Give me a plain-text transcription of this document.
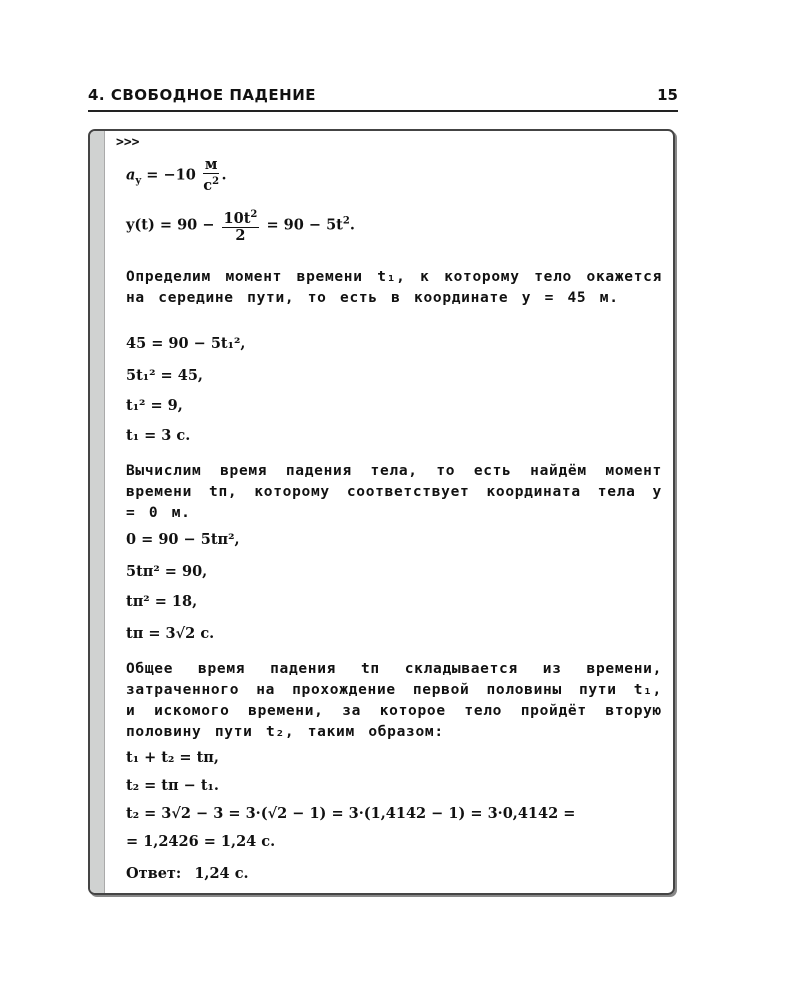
4. СВОБОДНОЕ ПАДЕНИЕ	15
>>>
$a_y = -10 \frac{м}{с^2}$ .
$y(t) = 90 - \frac{10t^2}{2} = 90 - 5t^2$.
Определим момент времени t₁, к которому тело окажется на середине пути, то есть в координате y = 45 м.
45 = 90 − 5t₁²,
5t₁² = 45,
t₁² = 9,
t₁ = 3 с.
Вычислим время падения тела, то есть найдём момент времени tп, которому соответствует координата тела y = 0 м.
0 = 90 − 5tп²,
5tп² = 90,
tп² = 18,
tп = 3√2 с.
Общее время падения tп складывается из времени, затраченного на прохождение первой половины пути t₁, и искомого времени, за которое тело пройдёт вторую половину пути t₂, таким образом:
t₁ + t₂ = tп,
t₂ = tп − t₁.
t₂ = 3√2 − 3 = 3·(√2 − 1) = 3·(1,4142 − 1) = 3·0,4142 =
= 1,2426 = 1,24 с.
Ответ: 1,24 с.
